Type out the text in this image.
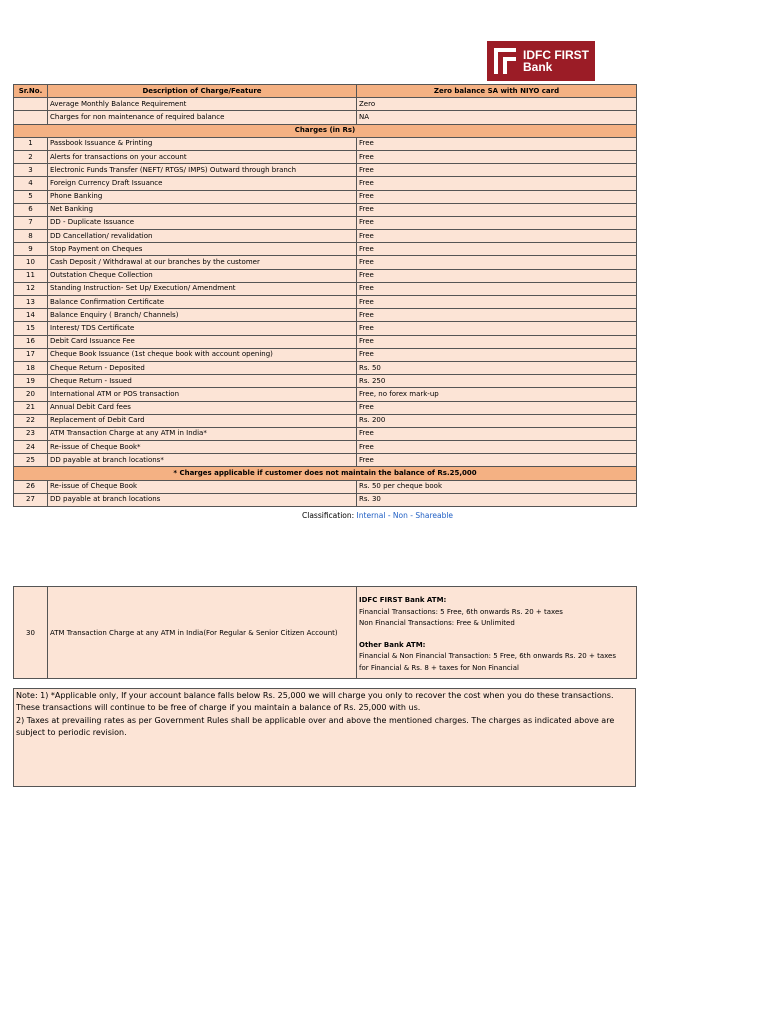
IDFC FIRST
Bank
Sr.No.	Description of Charge/Feature	Zero balance SA with NIYO card
	Average Monthly Balance Requirement	Zero
	Charges for non maintenance of required balance	NA
Charges (in Rs)		
1	Passbook Issuance & Printing	Free
2	Alerts for transactions on your account	Free
3	Electronic Funds Transfer (NEFT/ RTGS/ IMPS) Outward through branch	Free
4	Foreign Currency Draft Issuance	Free
5	Phone Banking	Free
6	Net Banking	Free
7	DD - Duplicate Issuance	Free
8	DD Cancellation/ revalidation	Free
9	Stop Payment on Cheques	Free
10	Cash Deposit / Withdrawal at our branches by the customer	Free
11	Outstation Cheque Collection	Free
12	Standing Instruction- Set Up/ Execution/ Amendment	Free
13	Balance Confirmation Certificate	Free
14	Balance Enquiry ( Branch/ Channels)	Free
15	Interest/ TDS Certificate	Free
16	Debit Card Issuance Fee	Free
17	Cheque Book Issuance (1st cheque book with account opening)	Free
18	Cheque Return - Deposited	Rs. 50
19	Cheque Return - Issued	Rs. 250
20	International ATM or POS transaction	Free, no forex mark-up
21	Annual Debit Card fees	Free
22	Replacement of Debit Card	Rs. 200
23	ATM Transaction Charge at any ATM in India*	Free
24	Re-issue of Cheque Book*	Free
25	DD payable at branch locations*	Free
* Charges applicable if customer does not maintain the balance of Rs.25,000		
26	Re-issue of Cheque Book	Rs. 50 per cheque book
27	DD payable at branch locations	Rs. 30
Classification: Internal - Non - Shareable
30	ATM Transaction Charge at any ATM in India(For Regular & Senior Citizen Account)	
IDFC FIRST Bank ATM:
Financial Transactions: 5 Free, 6th onwards Rs. 20 + taxes
Non Financial Transactions: Free & Unlimited
Other Bank ATM:
Financial & Non Financial Transaction: 5 Free, 6th onwards Rs. 20 + taxes
for Financial & Rs. 8 + taxes for Non Financial
Note: 1) *Applicable only, If your account balance falls below Rs. 25,000 we will charge you only to recover the cost when you do these transactions.
These transactions will continue to be free of charge if you maintain a balance of Rs. 25,000 with us.
2) Taxes at prevailing rates as per Government Rules shall be applicable over and above the mentioned charges. The charges as indicated above are
subject to periodic revision.
